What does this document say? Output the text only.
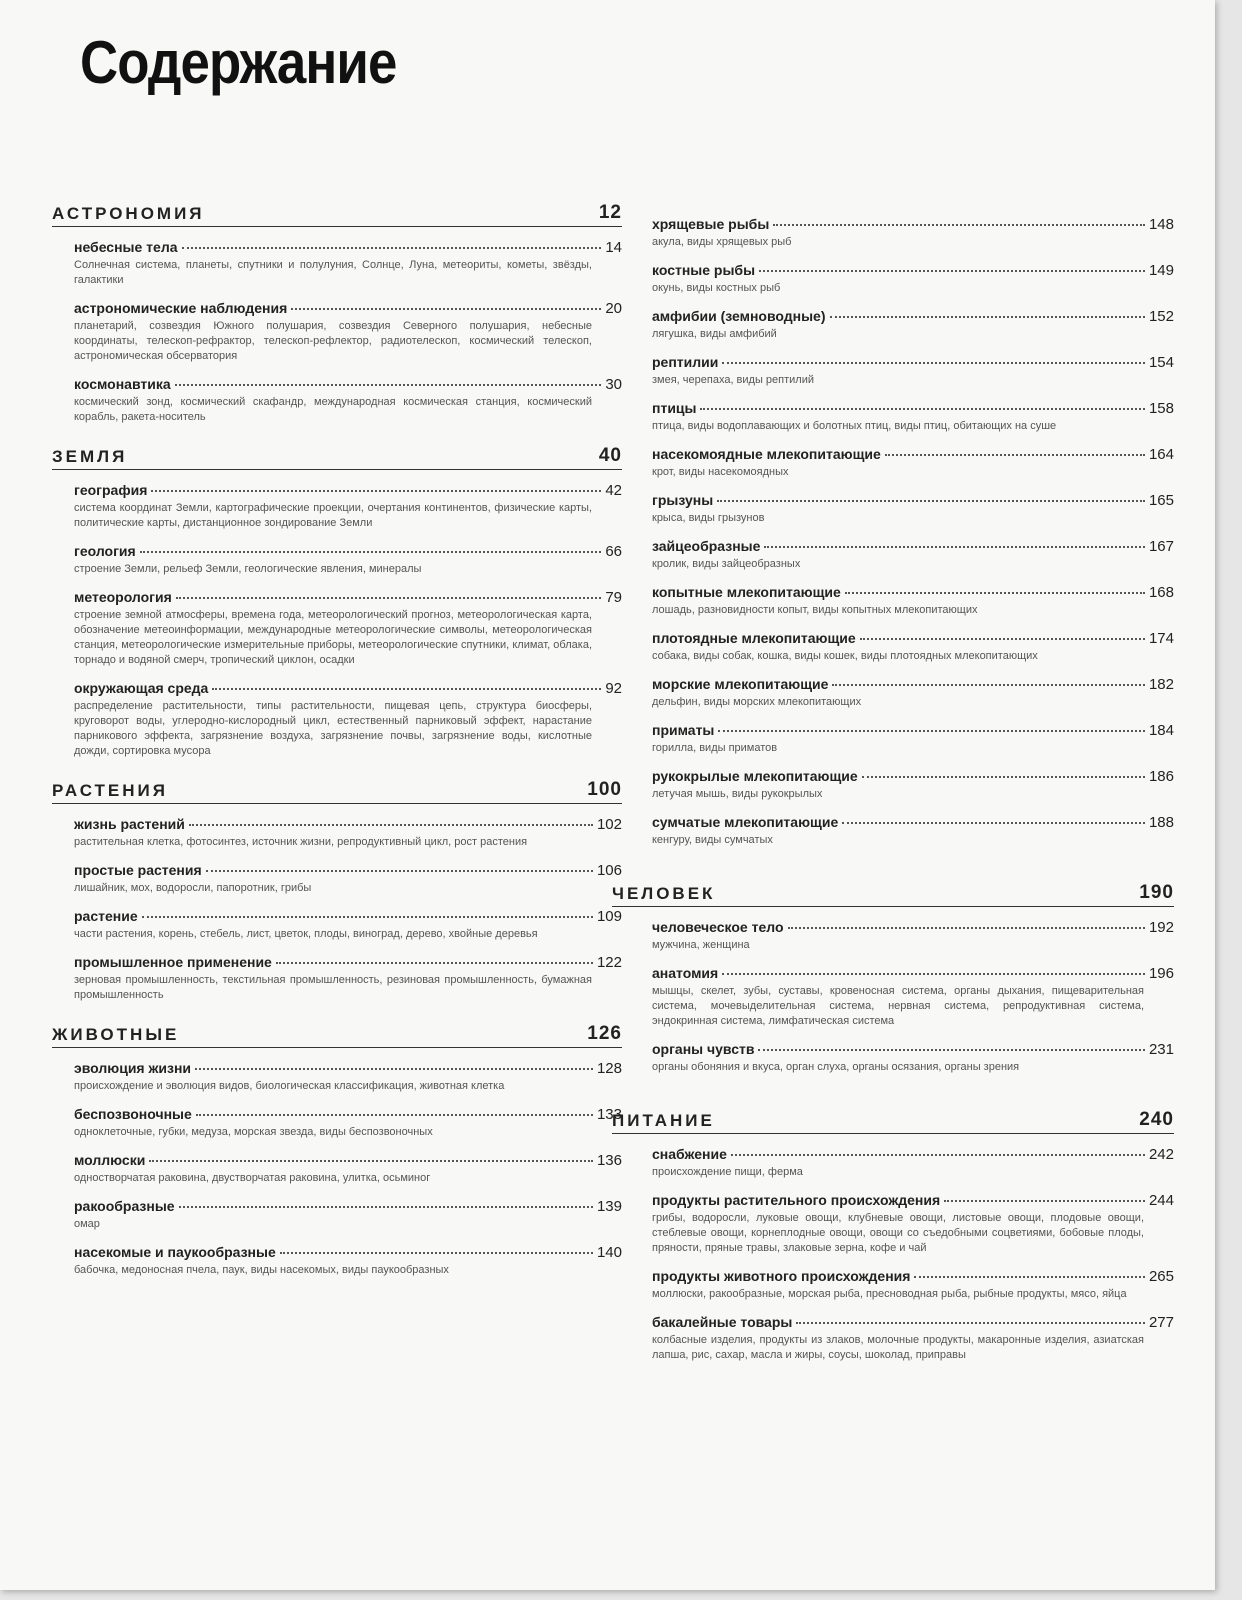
Содержание
АСТРОНОМИЯ	12
небесные тела	14
Солнечная система, планеты, спутники и полулуния, Солнце, Луна, метеориты, кометы, звёзды, галактики
астрономические наблюдения	20
планетарий, созвездия Южного полушария, созвездия Северного полушария, небесные координаты, телескоп-рефрактор, телескоп-рефлектор, радиотелескоп, космический телескоп, астрономическая обсерватория
космонавтика	30
космический зонд, космический скафандр, международная космическая станция, космический корабль, ракета-носитель
ЗЕМЛЯ	40
география	42
система координат Земли, картографические проекции, очертания континентов, физические карты, политические карты, дистанционное зондирование Земли
геология	66
строение Земли, рельеф Земли, геологические явления, минералы
метеорология	79
строение земной атмосферы, времена года, метеорологический прогноз, метеорологическая карта, обозначение метеоинформации, международные метеорологические символы, метеорологическая станция, метеорологические измерительные приборы, метеорологические спутники, климат, облака, торнадо и водяной смерч, тропический циклон, осадки
окружающая среда	92
распределение растительности, типы растительности, пищевая цепь, структура биосферы, круговорот воды, углеродно-кислородный цикл, естественный парниковый эффект, нарастание парникового эффекта, загрязнение воздуха, загрязнение почвы, загрязнение воды, кислотные дожди, сортировка мусора
РАСТЕНИЯ	100
жизнь растений	102
растительная клетка, фотосинтез, источник жизни, репродуктивный цикл, рост растения
простые растения	106
лишайник, мох, водоросли, папоротник, грибы
растение	109
части растения, корень, стебель, лист, цветок, плоды, виноград, дерево, хвойные деревья
промышленное применение	122
зерновая промышленность, текстильная промышленность, резиновая промышленность, бумажная промышленность
ЖИВОТНЫЕ	126
эволюция жизни	128
происхождение и эволюция видов, биологическая классификация, животная клетка
беспозвоночные	133
одноклеточные, губки, медуза, морская звезда, виды беспозвоночных
моллюски	136
одностворчатая раковина, двустворчатая раковина, улитка, осьминог
ракообразные	139
омар
насекомые и паукообразные	140
бабочка, медоносная пчела, паук, виды насекомых, виды паукообразных
хрящевые рыбы	148
акула, виды хрящевых рыб
костные рыбы	149
окунь, виды костных рыб
амфибии (земноводные)	152
лягушка, виды амфибий
рептилии	154
змея, черепаха, виды рептилий
птицы	158
птица, виды водоплавающих и болотных птиц, виды птиц, обитающих на суше
насекомоядные млекопитающие	164
крот, виды насекомоядных
грызуны	165
крыса, виды грызунов
зайцеобразные	167
кролик, виды зайцеобразных
копытные млекопитающие	168
лошадь, разновидности копыт, виды копытных млекопитающих
плотоядные млекопитающие	174
собака, виды собак, кошка, виды кошек, виды плотоядных млекопитающих
морские млекопитающие	182
дельфин, виды морских млекопитающих
приматы	184
горилла, виды приматов
рукокрылые млекопитающие	186
летучая мышь, виды рукокрылых
сумчатые млекопитающие	188
кенгуру, виды сумчатых
ЧЕЛОВЕК	190
человеческое тело	192
мужчина, женщина
анатомия	196
мышцы, скелет, зубы, суставы, кровеносная система, органы дыхания, пищеварительная система, мочевыделительная система, нервная система, репродуктивная система, эндокринная система, лимфатическая система
органы чувств	231
органы обоняния и вкуса, орган слуха, органы осязания, органы зрения
ПИТАНИЕ	240
снабжение	242
происхождение пищи, ферма
продукты растительного происхождения	244
грибы, водоросли, луковые овощи, клубневые овощи, листовые овощи, плодовые овощи, стеблевые овощи, корнеплодные овощи, овощи со съедобными соцветиями, бобовые плоды, пряности, пряные травы, злаковые зерна, кофе и чай
продукты животного происхождения	265
моллюски, ракообразные, морская рыба, пресноводная рыба, рыбные продукты, мясо, яйца
бакалейные товары	277
колбасные изделия, продукты из злаков, молочные продукты, макаронные изделия, азиатская лапша, рис, сахар, масла и жиры, соусы, шоколад, приправы
